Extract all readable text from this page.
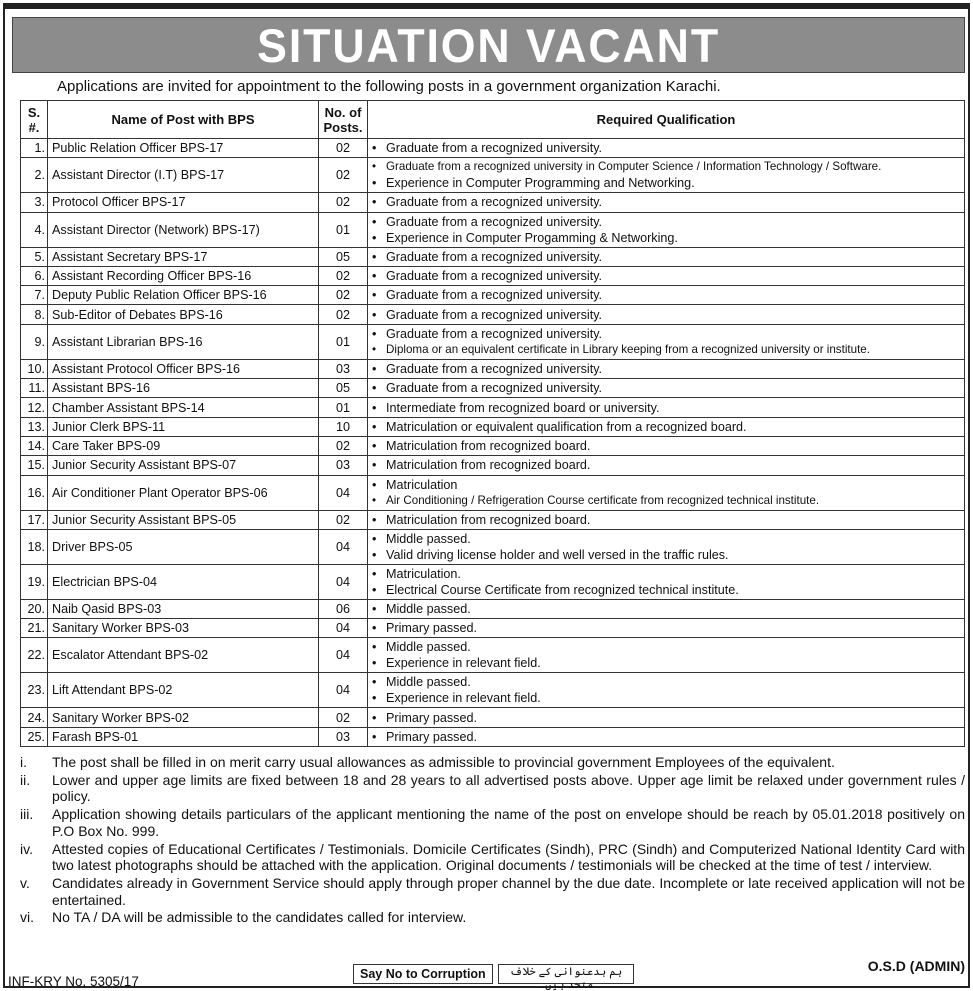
SITUATION VACANT
Applications are invited for appointment to the following posts in a government organization Karachi.
S. #.	Name of Post with BPS	No. of Posts.	Required Qualification
1.	Public Relation Officer BPS-17	02	• Graduate from a recognized university.

2.	Assistant Director (I.T) BPS-17	02	• Graduate from a recognized university in Computer Science / Information Technology / Software.
• Experience in Computer Programming and Networking.

3.	Protocol Officer BPS-17	02	• Graduate from a recognized university.

4.	Assistant Director (Network) BPS-17)	01	• Graduate from a recognized university.
• Experience in Computer Progamming & Networking.

5.	Assistant Secretary BPS-17	05	• Graduate from a recognized university.

6.	Assistant Recording Officer BPS-16	02	• Graduate from a recognized university.

7.	Deputy Public Relation Officer BPS-16	02	• Graduate from a recognized university.

8.	Sub-Editor of Debates BPS-16	02	• Graduate from a recognized university.

9.	Assistant Librarian BPS-16	01	• Graduate from a recognized university.
• Diploma or an equivalent certificate in Library keeping from a recognized university or institute.

10.	Assistant Protocol Officer BPS-16	03	• Graduate from a recognized university.

11.	Assistant BPS-16	05	• Graduate from a recognized university.

12.	Chamber Assistant BPS-14	01	• Intermediate from recognized board or university.

13.	Junior Clerk BPS-11	10	• Matriculation or equivalent qualification from a recognized board.

14.	Care Taker BPS-09	02	• Matriculation from recognized board.

15.	Junior Security Assistant BPS-07	03	• Matriculation from recognized board.

16.	Air Conditioner Plant Operator BPS-06	04	• Matriculation
• Air Conditioning / Refrigeration Course certificate from recognized technical institute.

17.	Junior Security Assistant BPS-05	02	• Matriculation from recognized board.

18.	Driver BPS-05	04	• Middle passed.
• Valid driving license holder and well versed in the traffic rules.

19.	Electrician BPS-04	04	• Matriculation.
• Electrical Course Certificate from recognized technical institute.

20.	Naib Qasid BPS-03	06	• Middle passed.

21.	Sanitary Worker BPS-03	04	• Primary passed.

22.	Escalator Attendant BPS-02	04	• Middle passed.
• Experience in relevant field.

23.	Lift Attendant BPS-02	04	• Middle passed.
• Experience in relevant field.

24.	Sanitary Worker BPS-02	02	• Primary passed.

25.	Farash BPS-01	03	• Primary passed.
i.	The post shall be filled in on merit carry usual allowances as admissible to provincial government Employees of the equivalent.
ii.	Lower and upper age limits are fixed between 18 and 28 years to all advertised posts above. Upper age limit be relaxed under government rules / policy.
iii.	Application showing details particulars of the applicant mentioning the name of the post on envelope should be reach by 05.01.2018 positively on P.O Box No. 999.
iv.	Attested copies of Educational Certificates / Testimonials. Domicile Certificates (Sindh), PRC (Sindh) and Computerized National Identity Card with two latest photographs should be attached with the application. Original documents / testimonials will be checked at the time of test / interview.
v.	Candidates already in Government Service should apply through proper channel by the due date. Incomplete or late received application will not be entertained.
vi.	No TA / DA will be admissible to the candidates called for interview.
O.S.D (ADMIN)
INF-KRY No. 5305/17	Say No to Corruption	ہم بدعنوانی کے خلاف متحد ہیں۔
